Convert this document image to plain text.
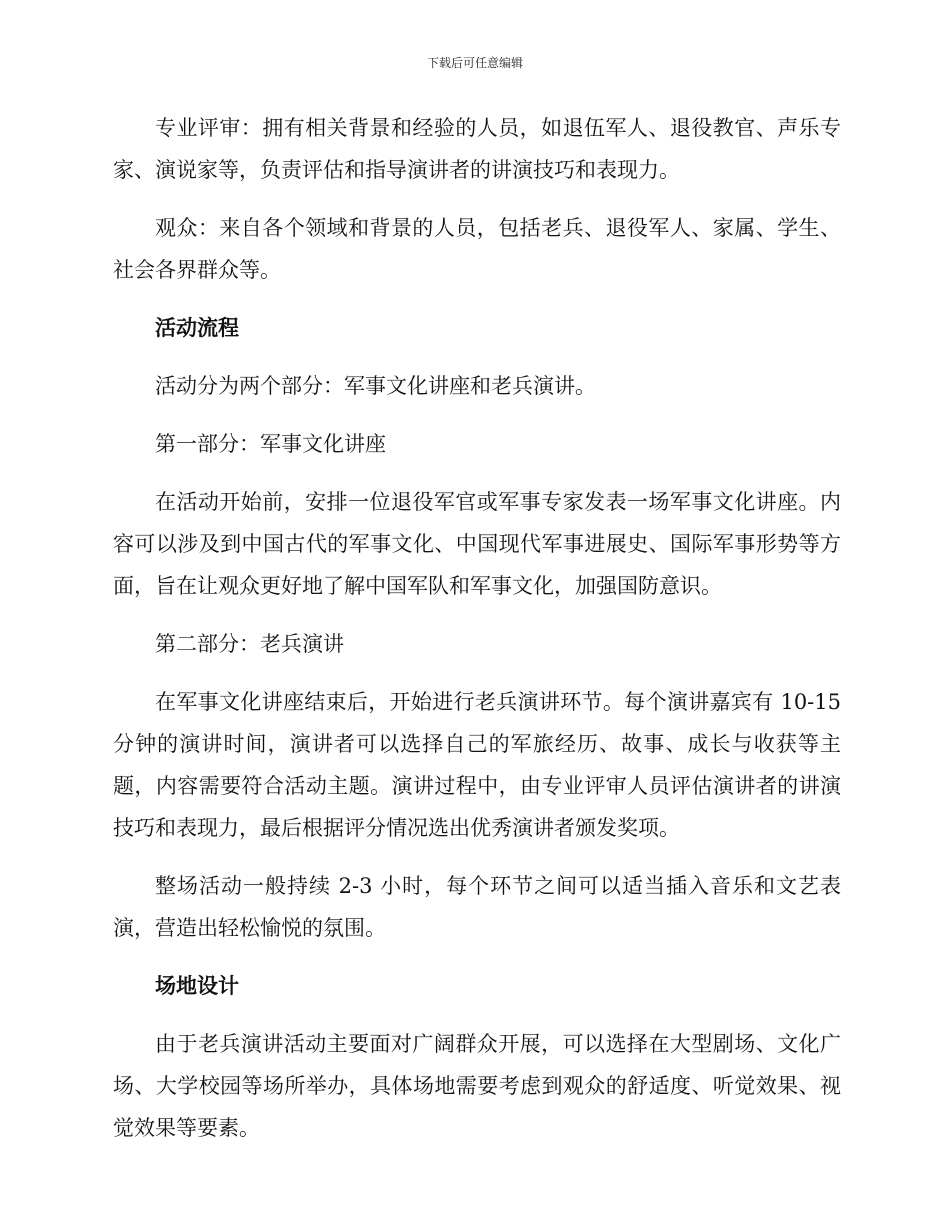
下载后可任意编辑

专业评审：拥有相关背景和经验的人员，如退伍军人、退役教官、声乐专家、演说家等，负责评估和指导演讲者的讲演技巧和表现力。

观众：来自各个领域和背景的人员，包括老兵、退役军人、家属、学生、社会各界群众等。

活动流程

活动分为两个部分：军事文化讲座和老兵演讲。

第一部分：军事文化讲座

在活动开始前，安排一位退役军官或军事专家发表一场军事文化讲座。内容可以涉及到中国古代的军事文化、中国现代军事进展史、国际军事形势等方面，旨在让观众更好地了解中国军队和军事文化，加强国防意识。

第二部分：老兵演讲

在军事文化讲座结束后，开始进行老兵演讲环节。每个演讲嘉宾有 10-15 分钟的演讲时间，演讲者可以选择自己的军旅经历、故事、成长与收获等主题，内容需要符合活动主题。演讲过程中，由专业评审人员评估演讲者的讲演技巧和表现力，最后根据评分情况选出优秀演讲者颁发奖项。

整场活动一般持续 2-3 小时，每个环节之间可以适当插入音乐和文艺表演，营造出轻松愉悦的氛围。

场地设计

由于老兵演讲活动主要面对广阔群众开展，可以选择在大型剧场、文化广场、大学校园等场所举办，具体场地需要考虑到观众的舒适度、听觉效果、视觉效果等要素。
